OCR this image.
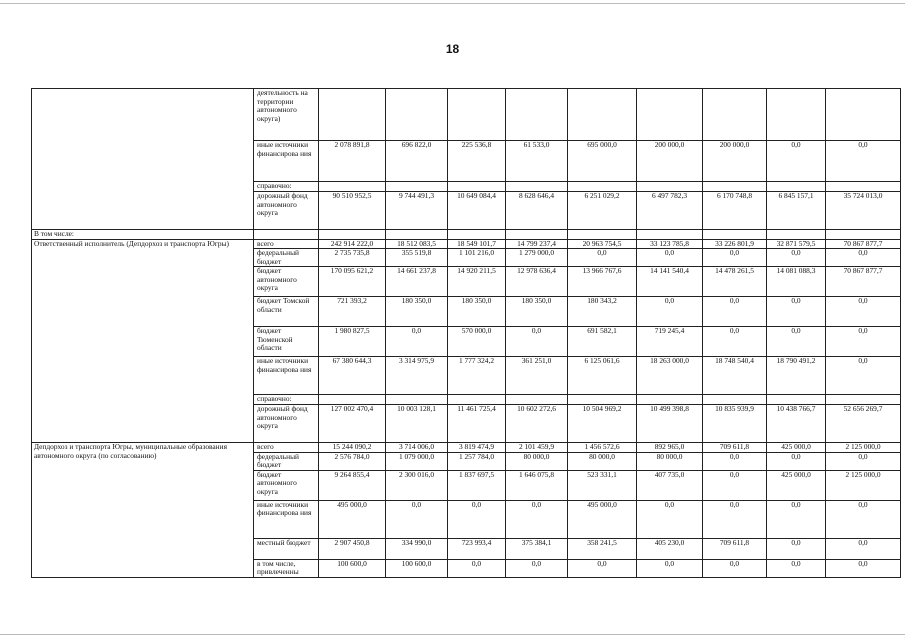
18
	деятельность на территории автономного округа)									
	иные источники финансирова ния	2 078 891,8	696 822,0	225 536,8	61 533,0	695 000,0	200 000,0	200 000,0	0,0	0,0
	справочно:									
	дорожный фонд автономного округа	90 510 952,5	9 744 491,3	10 649 084,4	8 628 646,4	6 251 029,2	6 497 782,3	6 170 748,8	6 845 157,1	35 724 013,0
В том числе:										
Ответственный исполнитель (Депдорхоз и транспорта Югры)	всего	242 914 222,0	18 512 083,5	18 549 101,7	14 799 237,4	20 963 754,5	33 123 785,8	33 226 801,9	32 871 579,5	70 867 877,7
	федеральный бюджет	2 735 735,8	355 519,8	1 101 216,0	1 279 000,0	0,0	0,0	0,0	0,0	0,0
	бюджет автономного округа	170 095 621,2	14 661 237,8	14 920 211,5	12 978 636,4	13 966 767,6	14 141 540,4	14 478 261,5	14 081 088,3	70 867 877,7
	бюджет Томской области	721 393,2	180 350,0	180 350,0	180 350,0	180 343,2	0,0	0,0	0,0	0,0
	бюджет Тюменской области	1 980 827,5	0,0	570 000,0	0,0	691 582,1	719 245,4	0,0	0,0	0,0
	иные источники финансирова ния	67 380 644,3	3 314 975,9	1 777 324,2	361 251,0	6 125 061,6	18 263 000,0	18 748 540,4	18 790 491,2	0,0
	справочно:									
	дорожный фонд автономного округа	127 002 470,4	10 003 128,1	11 461 725,4	10 602 272,6	10 504 969,2	10 499 398,8	10 835 939,9	10 438 766,7	52 656 269,7
Депдорхоз и транспорта Югры, муниципальные образования автономного округа (по согласованию)	всего	15 244 090,2	3 714 006,0	3 819 474,9	2 101 459,9	1 456 572,6	892 965,0	709 611,8	425 000,0	2 125 000,0
	федеральный бюджет	2 576 784,0	1 079 000,0	1 257 784,0	80 000,0	80 000,0	80 000,0	0,0	0,0	0,0
	бюджет автономного округа	9 264 855,4	2 300 016,0	1 837 697,5	1 646 075,8	523 331,1	407 735,0	0,0	425 000,0	2 125 000,0
	иные источники финансирова ния	495 000,0	0,0	0,0	0,0	495 000,0	0,0	0,0	0,0	0,0
	местный бюджет	2 907 450,8	334 990,0	723 993,4	375 384,1	358 241,5	405 230,0	709 611,8	0,0	0,0
	в том числе, привлеченны	100 600,0	100 600,0	0,0	0,0	0,0	0,0	0,0	0,0	0,0
